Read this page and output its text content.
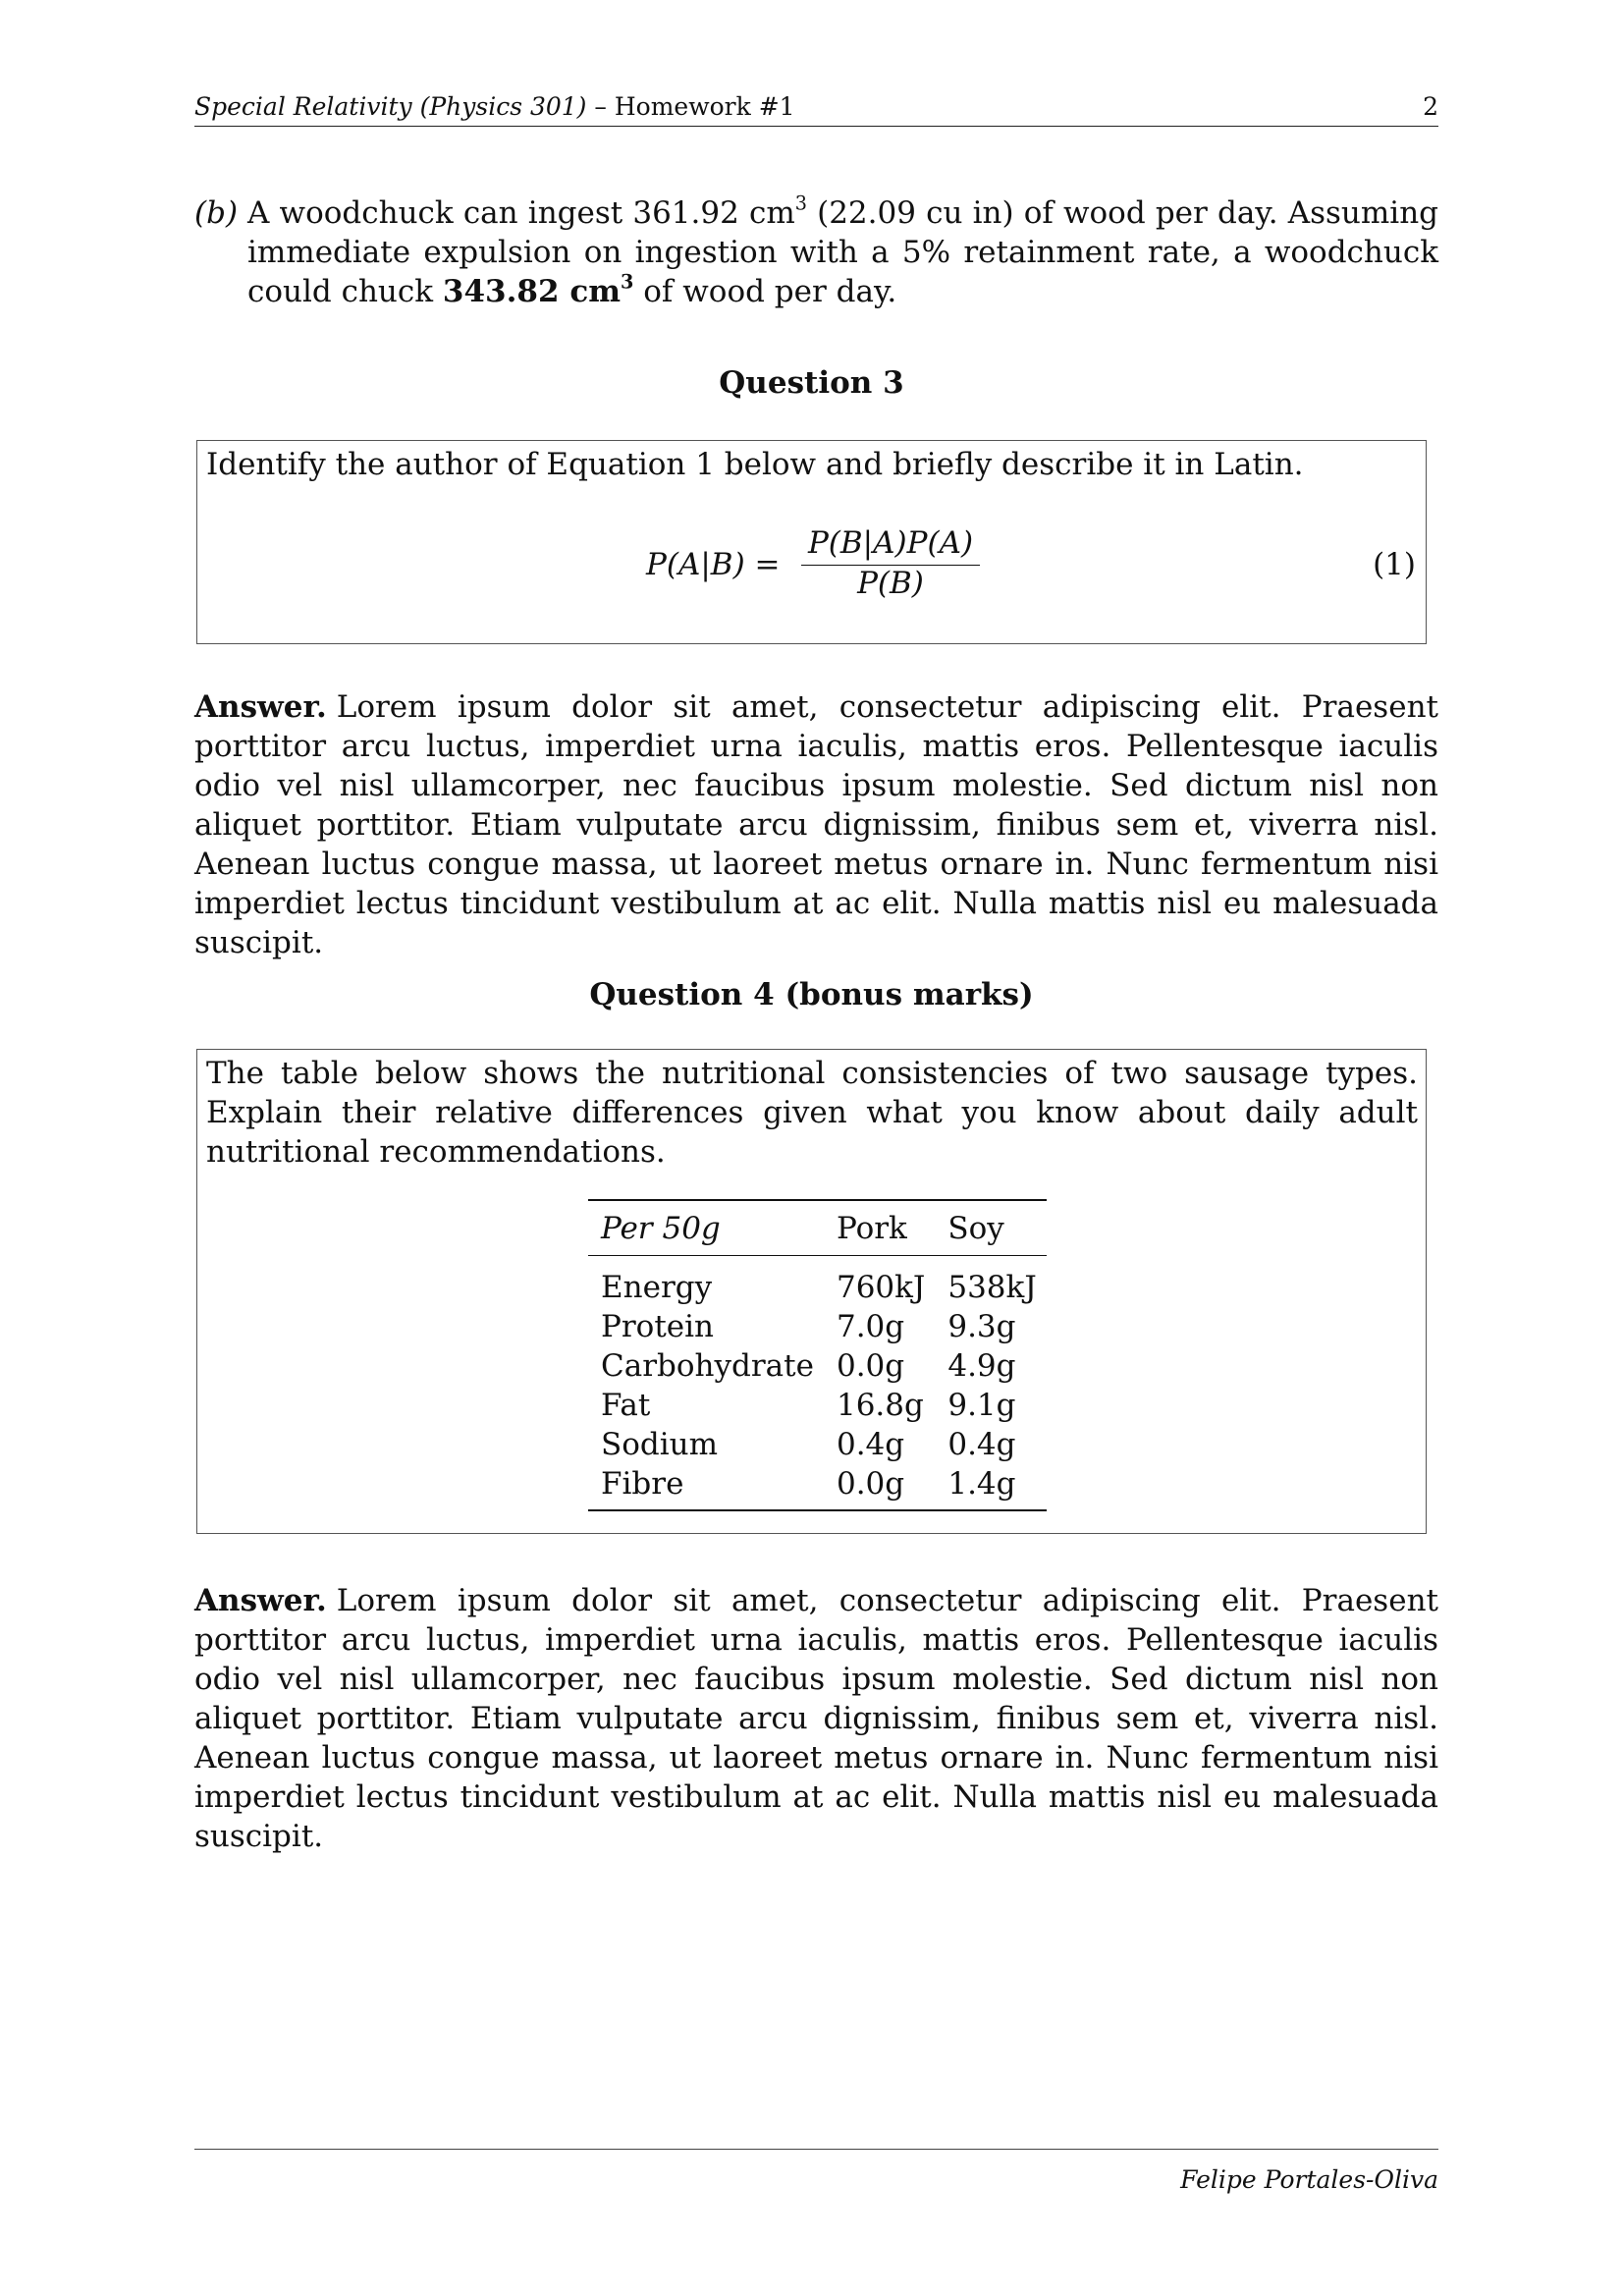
Special Relativity (Physics 301) – Homework #1	2
(b) A woodchuck can ingest 361.92 $cm^3$ (22.09 cu in) of wood per day. Assuming immediate expulsion on ingestion with a 5% retainment rate, a woodchuck could chuck 343.82 $cm^3$ of wood per day.
Question 3
Identify the author of Equation 1 below and briefly describe it in Latin.
$P(A|B) = \frac{P(B|A)P(A)}{P(B)}$	(1)
Answer. Lorem ipsum dolor sit amet, consectetur adipiscing elit. Praesent porttitor arcu luctus, imperdiet urna iaculis, mattis eros. Pellentesque iaculis odio vel nisl ullamcorper, nec faucibus ipsum molestie. Sed dictum nisl non aliquet porttitor. Etiam vulputate arcu dignissim, finibus sem et, viverra nisl. Aenean luctus congue massa, ut laoreet metus ornare in. Nunc fermentum nisi imperdiet lectus tincidunt vestibulum at ac elit. Nulla mattis nisl eu malesuada suscipit.
Question 4 (bonus marks)
The table below shows the nutritional consistencies of two sausage types. Explain their relative differences given what you know about daily adult nutritional recommendations.
Per 50g	Pork	Soy
Energy	760kJ	538kJ
Protein	7.0g	9.3g
Carbohydrate	0.0g	4.9g
Fat	16.8g	9.1g
Sodium	0.4g	0.4g
Fibre	0.0g	1.4g
Answer. Lorem ipsum dolor sit amet, consectetur adipiscing elit. Praesent porttitor arcu luctus, imperdiet urna iaculis, mattis eros. Pellentesque iaculis odio vel nisl ullamcorper, nec faucibus ipsum molestie. Sed dictum nisl non aliquet porttitor. Etiam vulputate arcu dignissim, finibus sem et, viverra nisl. Aenean luctus congue massa, ut laoreet metus ornare in. Nunc fermentum nisi imperdiet lectus tincidunt vestibulum at ac elit. Nulla mattis nisl eu malesuada suscipit.
Felipe Portales-Oliva
